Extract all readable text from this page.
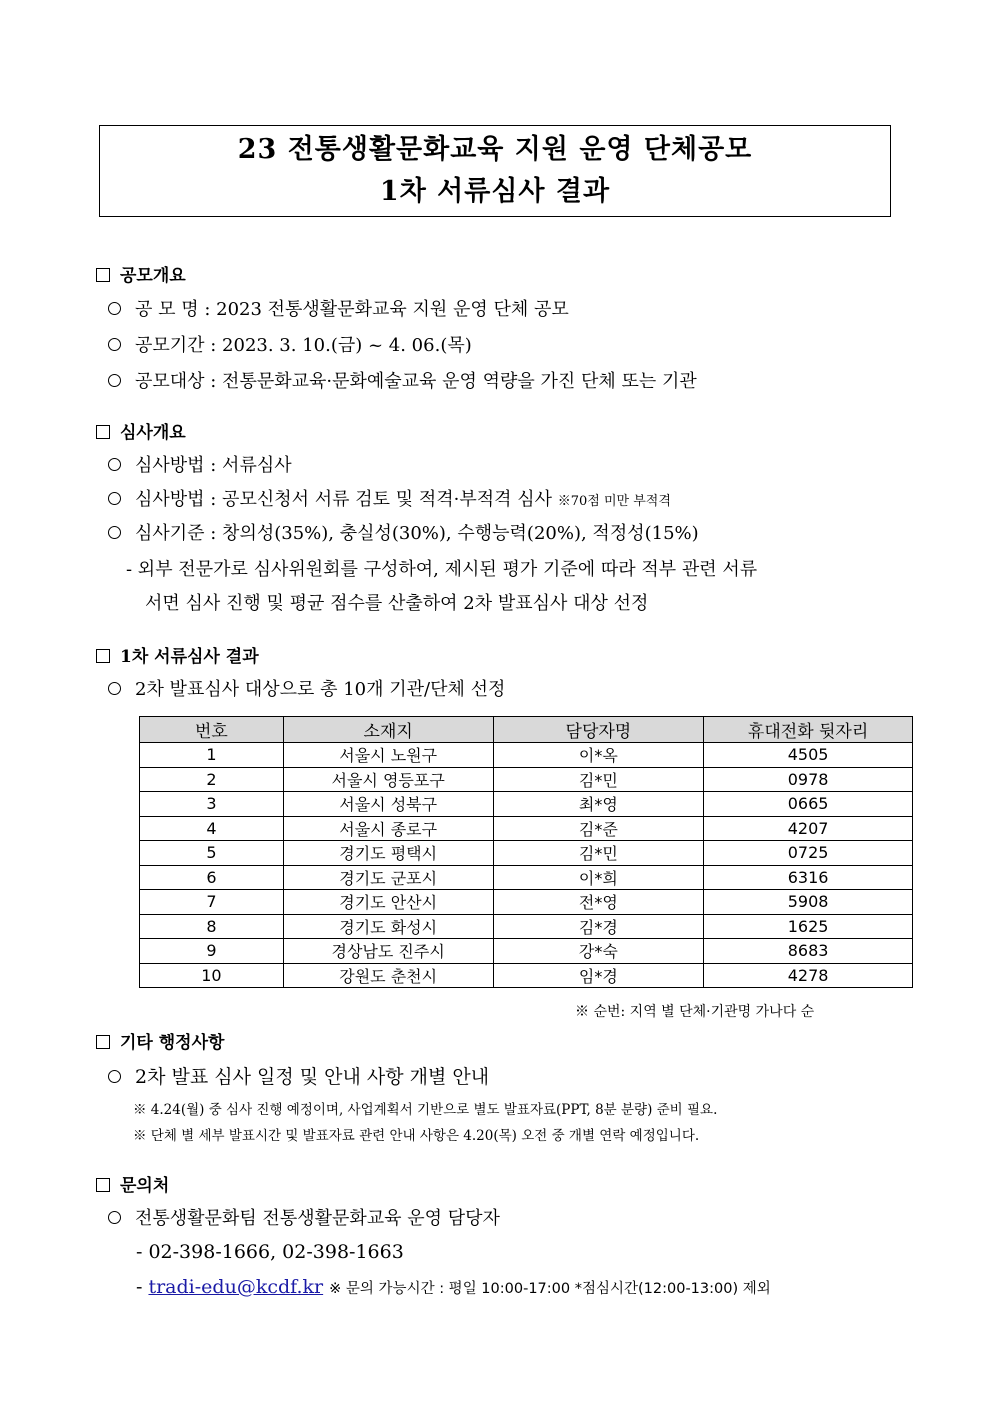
23 전통생활문화교육 지원 운영 단체공모
1차 서류심사 결과
공모개요
공 모 명 : 2023 전통생활문화교육 지원 운영 단체 공모
공모기간 : 2023. 3. 10.(금) ~ 4. 06.(목)
공모대상 : 전통문화교육·문화예술교육 운영 역량을 가진 단체 또는 기관
심사개요
심사방법 : 서류심사
심사방법 : 공모신청서 서류 검토 및 적격·부적격 심사 ※70점 미만 부적격
심사기준 : 창의성(35%), 충실성(30%), 수행능력(20%), 적정성(15%)
- 외부 전문가로 심사위원회를 구성하여, 제시된 평가 기준에 따라 적부 관련 서류
서면 심사 진행 및 평균 점수를 산출하여 2차 발표심사 대상 선정
1차 서류심사 결과
2차 발표심사 대상으로 총 10개 기관/단체 선정
번호	소재지	담당자명	휴대전화 뒷자리
1	서울시 노원구	이*옥	4505
2	서울시 영등포구	김*민	0978
3	서울시 성북구	최*영	0665
4	서울시 종로구	김*준	4207
5	경기도 평택시	김*민	0725
6	경기도 군포시	이*희	6316
7	경기도 안산시	전*영	5908
8	경기도 화성시	김*경	1625
9	경상남도 진주시	강*숙	8683
10	강원도 춘천시	임*경	4278
※ 순번: 지역 별 단체·기관명 가나다 순
기타 행정사항
2차 발표 심사 일정 및 안내 사항 개별 안내
※ 4.24(월) 중 심사 진행 예정이며, 사업계획서 기반으로 별도 발표자료(PPT, 8분 분량) 준비 필요.
※ 단체 별 세부 발표시간 및 발표자료 관련 안내 사항은 4.20(목) 오전 중 개별 연락 예정입니다.
문의처
전통생활문화팀 전통생활문화교육 운영 담당자
- 02-398-1666, 02-398-1663
- tradi-edu@kcdf.kr ※ 문의 가능시간 : 평일 10:00-17:00 *점심시간(12:00-13:00) 제외
